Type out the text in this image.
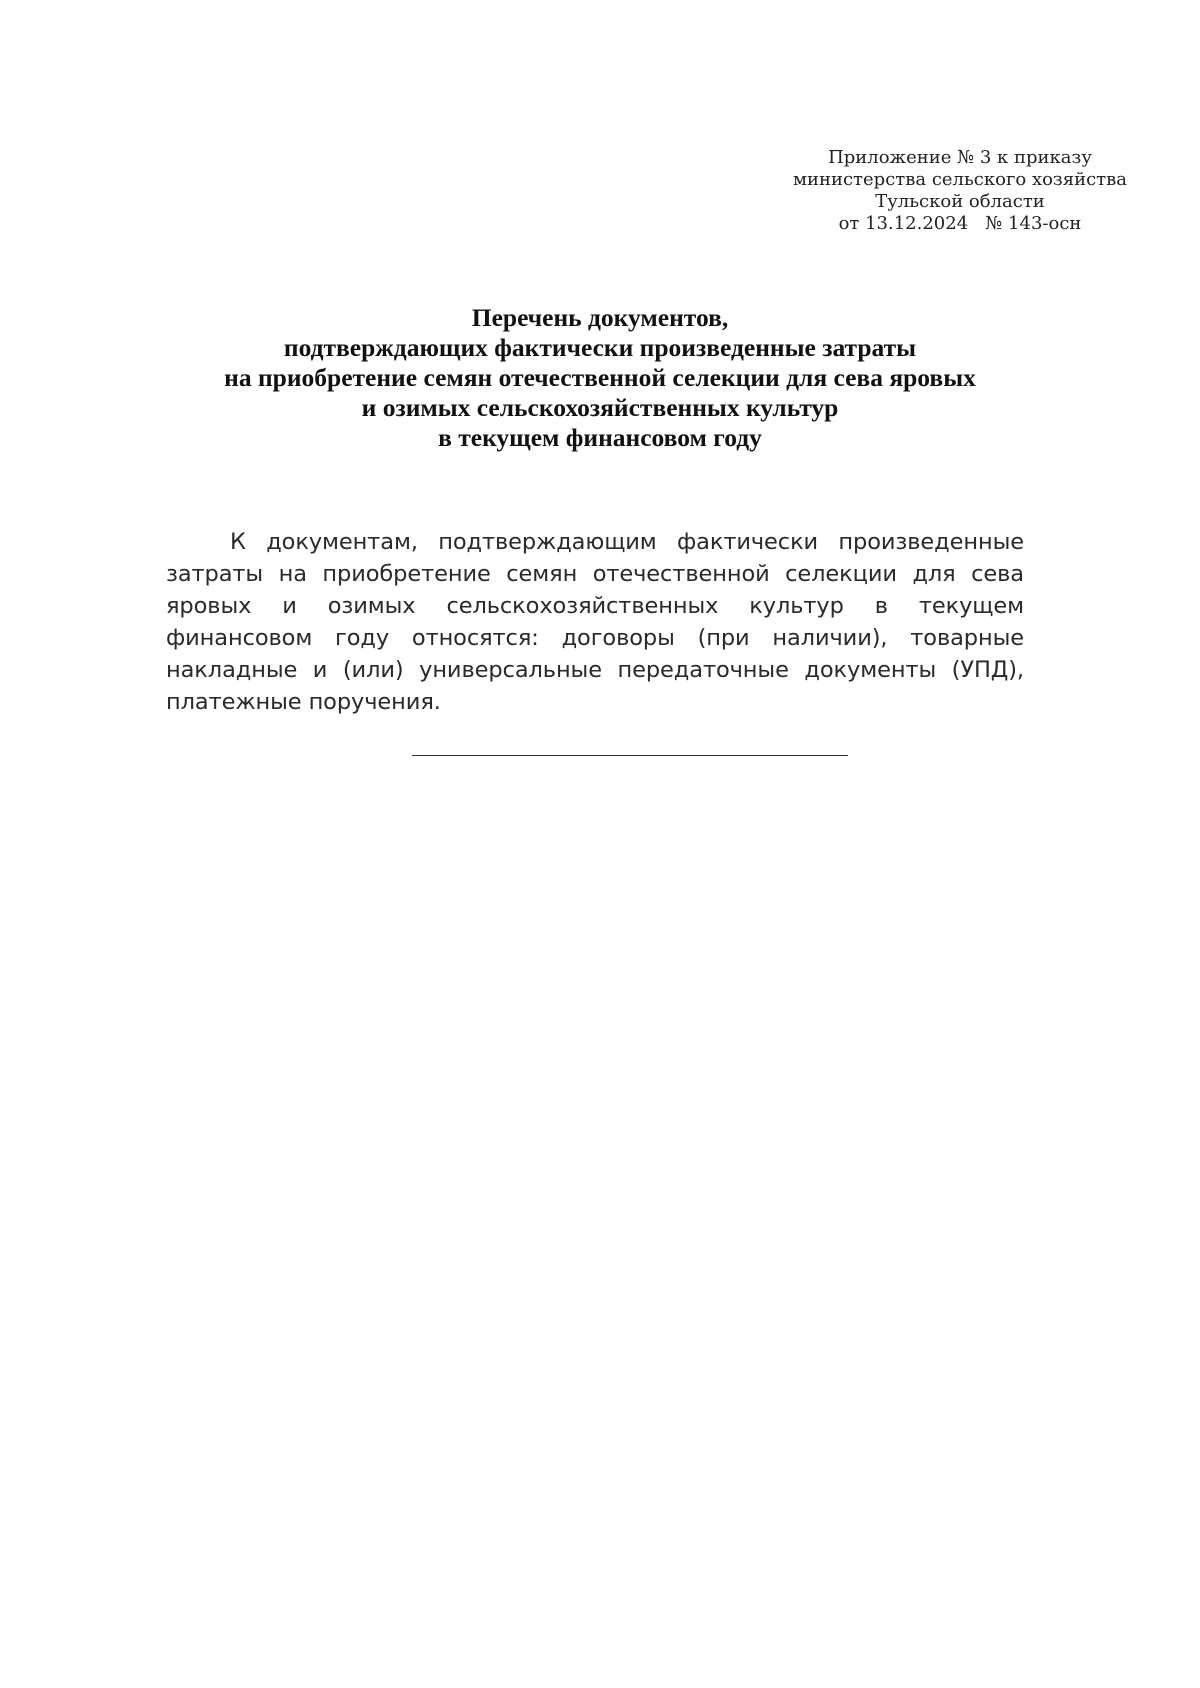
Приложение № 3 к приказу
министерства сельского хозяйства
Тульской области
от 13.12.2024   № 143-осн
Перечень документов,
подтверждающих фактически произведенные затраты
на приобретение семян отечественной селекции для сева яровых
и озимых сельскохозяйственных культур
в текущем финансовом году

К документам, подтверждающим фактически произведенные затраты на приобретение семян отечественной селекции для сева яровых и озимых сельскохозяйственных культур в текущем финансовом году относятся: договоры (при наличии), товарные накладные и (или) универсальные передаточные документы (УПД), платежные поручения.
